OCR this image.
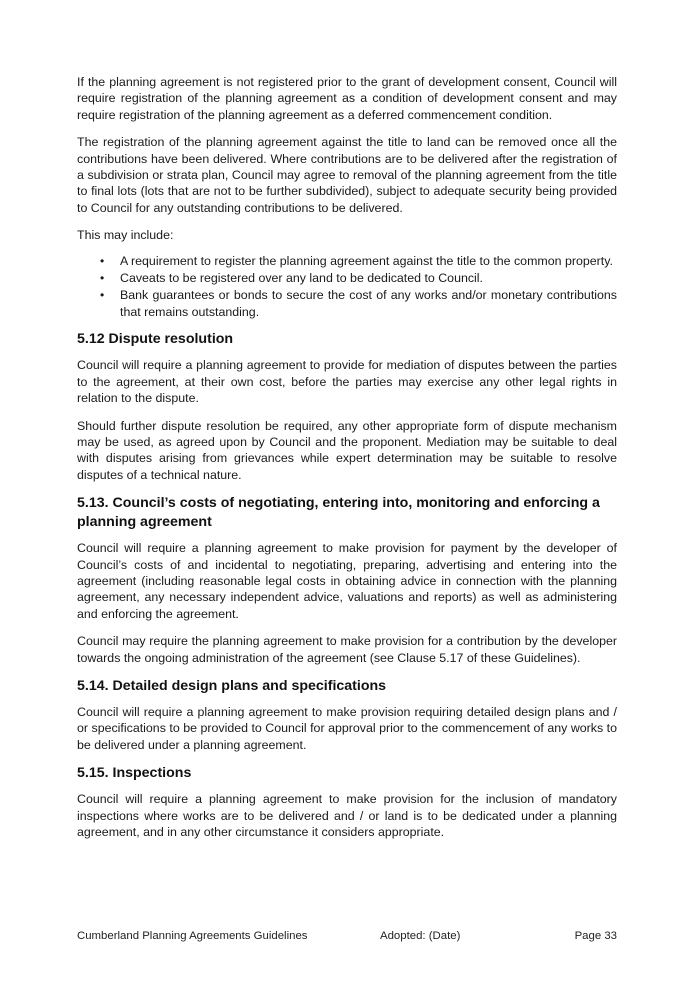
If the planning agreement is not registered prior to the grant of development consent, Council will require registration of the planning agreement as a condition of development consent and may require registration of the planning agreement as a deferred commencement condition.

The registration of the planning agreement against the title to land can be removed once all the contributions have been delivered. Where contributions are to be delivered after the registration of a subdivision or strata plan, Council may agree to removal of the planning agreement from the title to final lots (lots that are not to be further subdivided), subject to adequate security being provided to Council for any outstanding contributions to be delivered.

This may include:

• A requirement to register the planning agreement against the title to the common property.
• Caveats to be registered over any land to be dedicated to Council.
• Bank guarantees or bonds to secure the cost of any works and/or monetary contributions that remains outstanding.
5.12 Dispute resolution

Council will require a planning agreement to provide for mediation of disputes between the parties to the agreement, at their own cost, before the parties may exercise any other legal rights in relation to the dispute.

Should further dispute resolution be required, any other appropriate form of dispute mechanism may be used, as agreed upon by Council and the proponent. Mediation may be suitable to deal with disputes arising from grievances while expert determination may be suitable to resolve disputes of a technical nature.

5.13. Council’s costs of negotiating, entering into, monitoring and enforcing a planning agreement

Council will require a planning agreement to make provision for payment by the developer of Council’s costs of and incidental to negotiating, preparing, advertising and entering into the agreement (including reasonable legal costs in obtaining advice in connection with the planning agreement, any necessary independent advice, valuations and reports) as well as administering and enforcing the agreement.

Council may require the planning agreement to make provision for a contribution by the developer towards the ongoing administration of the agreement (see Clause 5.17 of these Guidelines).

5.14. Detailed design plans and specifications

Council will require a planning agreement to make provision requiring detailed design plans and / or specifications to be provided to Council for approval prior to the commencement of any works to be delivered under a planning agreement.

5.15. Inspections

Council will require a planning agreement to make provision for the inclusion of mandatory inspections where works are to be delivered and / or land is to be dedicated under a planning agreement, and in any other circumstance it considers appropriate.

Cumberland Planning Agreements Guidelines	Adopted: (Date)	Page 33
